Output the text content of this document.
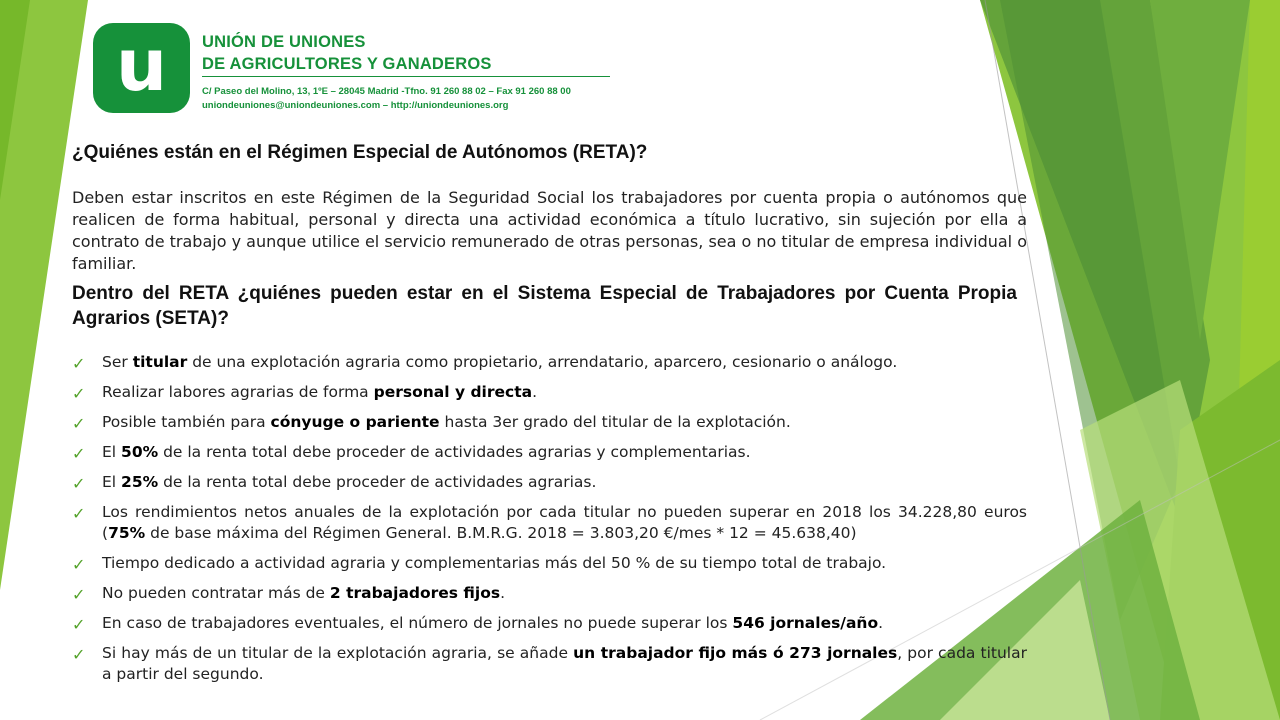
u	UNIÓN DE UNIONES
DE AGRICULTORES Y GANADEROS
C/ Paseo del Molino, 13, 1ºE – 28045 Madrid -Tfno. 91 260 88 02 – Fax 91 260 88 00
uniondeuniones@uniondeuniones.com – http://uniondeuniones.org
¿Quiénes están en el Régimen Especial de Autónomos (RETA)?
Deben estar inscritos en este Régimen de la Seguridad Social los trabajadores por cuenta propia o autónomos que realicen de forma habitual, personal y directa una actividad económica a título lucrativo, sin sujeción por ella a contrato de trabajo y aunque utilice el servicio remunerado de otras personas, sea o no titular de empresa individual o familiar.
Dentro del RETA ¿quiénes pueden estar en el Sistema Especial de Trabajadores por Cuenta Propia Agrarios (SETA)?
✓ Ser titular de una explotación agraria como propietario, arrendatario, aparcero, cesionario o análogo.
✓ Realizar labores agrarias de forma personal y directa.
✓ Posible también para cónyuge o pariente hasta 3er grado del titular de la explotación.
✓ El 50% de la renta total debe proceder de actividades agrarias y complementarias.
✓ El 25% de la renta total debe proceder de actividades agrarias.
✓ Los rendimientos netos anuales de la explotación por cada titular no pueden superar en 2018 los 34.228,80 euros (75% de base máxima del Régimen General. B.M.R.G. 2018 = 3.803,20 €/mes * 12 = 45.638,40)
✓ Tiempo dedicado a actividad agraria y complementarias más del 50 % de su tiempo total de trabajo.
✓ No pueden contratar más de 2 trabajadores fijos.
✓ En caso de trabajadores eventuales, el número de jornales no puede superar los 546 jornales/año.
✓ Si hay más de un titular de la explotación agraria, se añade un trabajador fijo más ó 273 jornales, por cada titular a partir del segundo.
